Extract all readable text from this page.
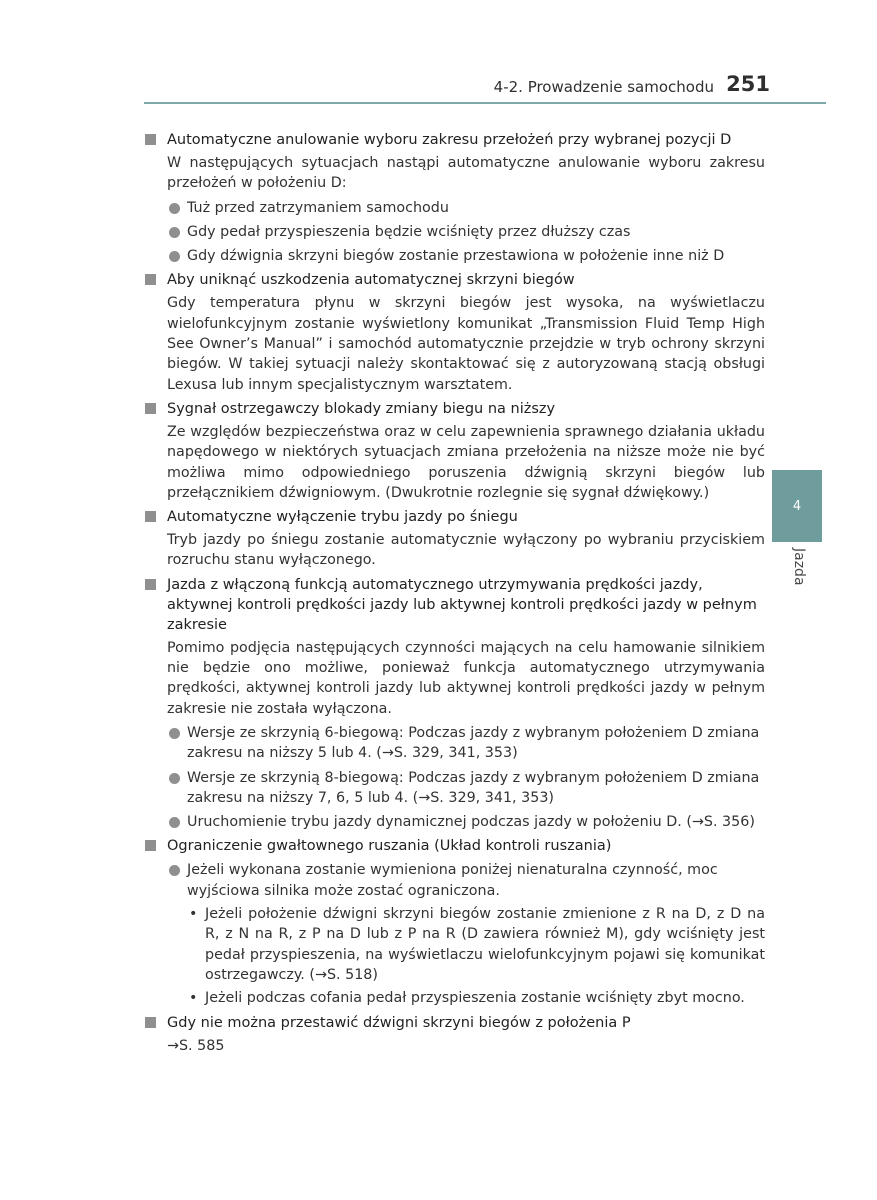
4-2. Prowadzenie samochodu 251
4
Jazda
Automatyczne anulowanie wyboru zakresu przełożeń przy wybranej pozycji D
W następujących sytuacjach nastąpi automatyczne anulowanie wyboru zakresu przełożeń w położeniu D:
Tuż przed zatrzymaniem samochodu
Gdy pedał przyspieszenia będzie wciśnięty przez dłuższy czas
Gdy dźwignia skrzyni biegów zostanie przestawiona w położenie inne niż D
Aby uniknąć uszkodzenia automatycznej skrzyni biegów
Gdy temperatura płynu w skrzyni biegów jest wysoka, na wyświetlaczu wielofunkcyjnym zostanie wyświetlony komunikat „Transmission Fluid Temp High See Owner’s Manual” i samochód automatycznie przejdzie w tryb ochrony skrzyni biegów. W takiej sytuacji należy skontaktować się z autoryzowaną stacją obsługi Lexusa lub innym specjalistycznym warsztatem.
Sygnał ostrzegawczy blokady zmiany biegu na niższy
Ze względów bezpieczeństwa oraz w celu zapewnienia sprawnego działania układu napędowego w niektórych sytuacjach zmiana przełożenia na niższe może nie być możliwa mimo odpowiedniego poruszenia dźwignią skrzyni biegów lub przełącznikiem dźwigniowym. (Dwukrotnie rozlegnie się sygnał dźwiękowy.)
Automatyczne wyłączenie trybu jazdy po śniegu
Tryb jazdy po śniegu zostanie automatycznie wyłączony po wybraniu przyciskiem rozruchu stanu wyłączonego.
Jazda z włączoną funkcją automatycznego utrzymywania prędkości jazdy, aktywnej kontroli prędkości jazdy lub aktywnej kontroli prędkości jazdy w pełnym zakresie
Pomimo podjęcia następujących czynności mających na celu hamowanie silnikiem nie będzie ono możliwe, ponieważ funkcja automatycznego utrzymywania prędkości, aktywnej kontroli jazdy lub aktywnej kontroli prędkości jazdy w pełnym zakresie nie została wyłączona.
Wersje ze skrzynią 6-biegową: Podczas jazdy z wybranym położeniem D zmiana zakresu na niższy 5 lub 4. (→S. 329, 341, 353)
Wersje ze skrzynią 8-biegową: Podczas jazdy z wybranym położeniem D zmiana zakresu na niższy 7, 6, 5 lub 4. (→S. 329, 341, 353)
Uruchomienie trybu jazdy dynamicznej podczas jazdy w położeniu D. (→S. 356)
Ograniczenie gwałtownego ruszania (Układ kontroli ruszania)
Jeżeli wykonana zostanie wymieniona poniżej nienaturalna czynność, moc wyjściowa silnika może zostać ograniczona.
• Jeżeli położenie dźwigni skrzyni biegów zostanie zmienione z R na D, z D na R, z N na R, z P na D lub z P na R (D zawiera również M), gdy wciśnięty jest pedał przyspieszenia, na wyświetlaczu wielofunkcyjnym pojawi się komunikat ostrzegawczy. (→S. 518)
• Jeżeli podczas cofania pedał przyspieszenia zostanie wciśnięty zbyt mocno.
Gdy nie można przestawić dźwigni skrzyni biegów z położenia P
→S. 585
